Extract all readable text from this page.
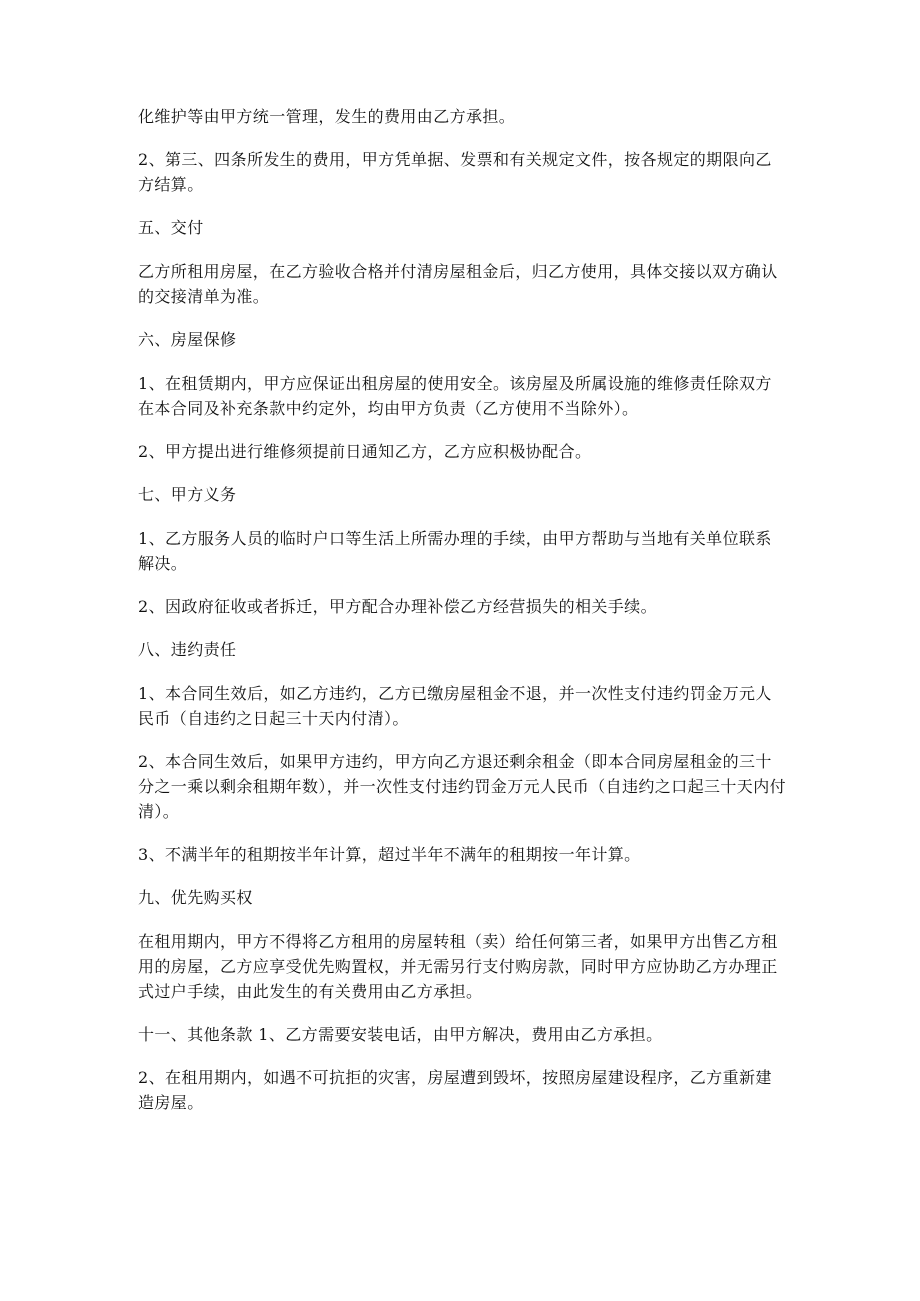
化维护等由甲方统一管理，发生的费用由乙方承担。

2、第三、四条所发生的费用，甲方凭单据、发票和有关规定文件，按各规定的期限向乙方结算。

五、交付

乙方所租用房屋，在乙方验收合格并付清房屋租金后，归乙方使用，具体交接以双方确认的交接清单为准。

六、房屋保修

1、在租赁期内，甲方应保证出租房屋的使用安全。该房屋及所属设施的维修责任除双方在本合同及补充条款中约定外，均由甲方负责（乙方使用不当除外）。

2、甲方提出进行维修须提前日通知乙方，乙方应积极协配合。

七、甲方义务

1、乙方服务人员的临时户口等生活上所需办理的手续，由甲方帮助与当地有关单位联系解决。

2、因政府征收或者拆迁，甲方配合办理补偿乙方经营损失的相关手续。

八、违约责任

1、本合同生效后，如乙方违约，乙方已缴房屋租金不退，并一次性支付违约罚金万元人民币（自违约之日起三十天内付清）。

2、本合同生效后，如果甲方违约，甲方向乙方退还剩余租金（即本合同房屋租金的三十分之一乘以剩余租期年数），并一次性支付违约罚金万元人民币（自违约之口起三十天内付清）。

3、不满半年的租期按半年计算，超过半年不满年的租期按一年计算。

九、优先购买权

在租用期内，甲方不得将乙方租用的房屋转租（卖）给任何第三者，如果甲方出售乙方租用的房屋，乙方应享受优先购置权，并无需另行支付购房款，同时甲方应协助乙方办理正式过户手续，由此发生的有关费用由乙方承担。

十一、其他条款 1、乙方需要安装电话，由甲方解决，费用由乙方承担。

2、在租用期内，如遇不可抗拒的灾害，房屋遭到毁坏，按照房屋建设程序，乙方重新建造房屋。
